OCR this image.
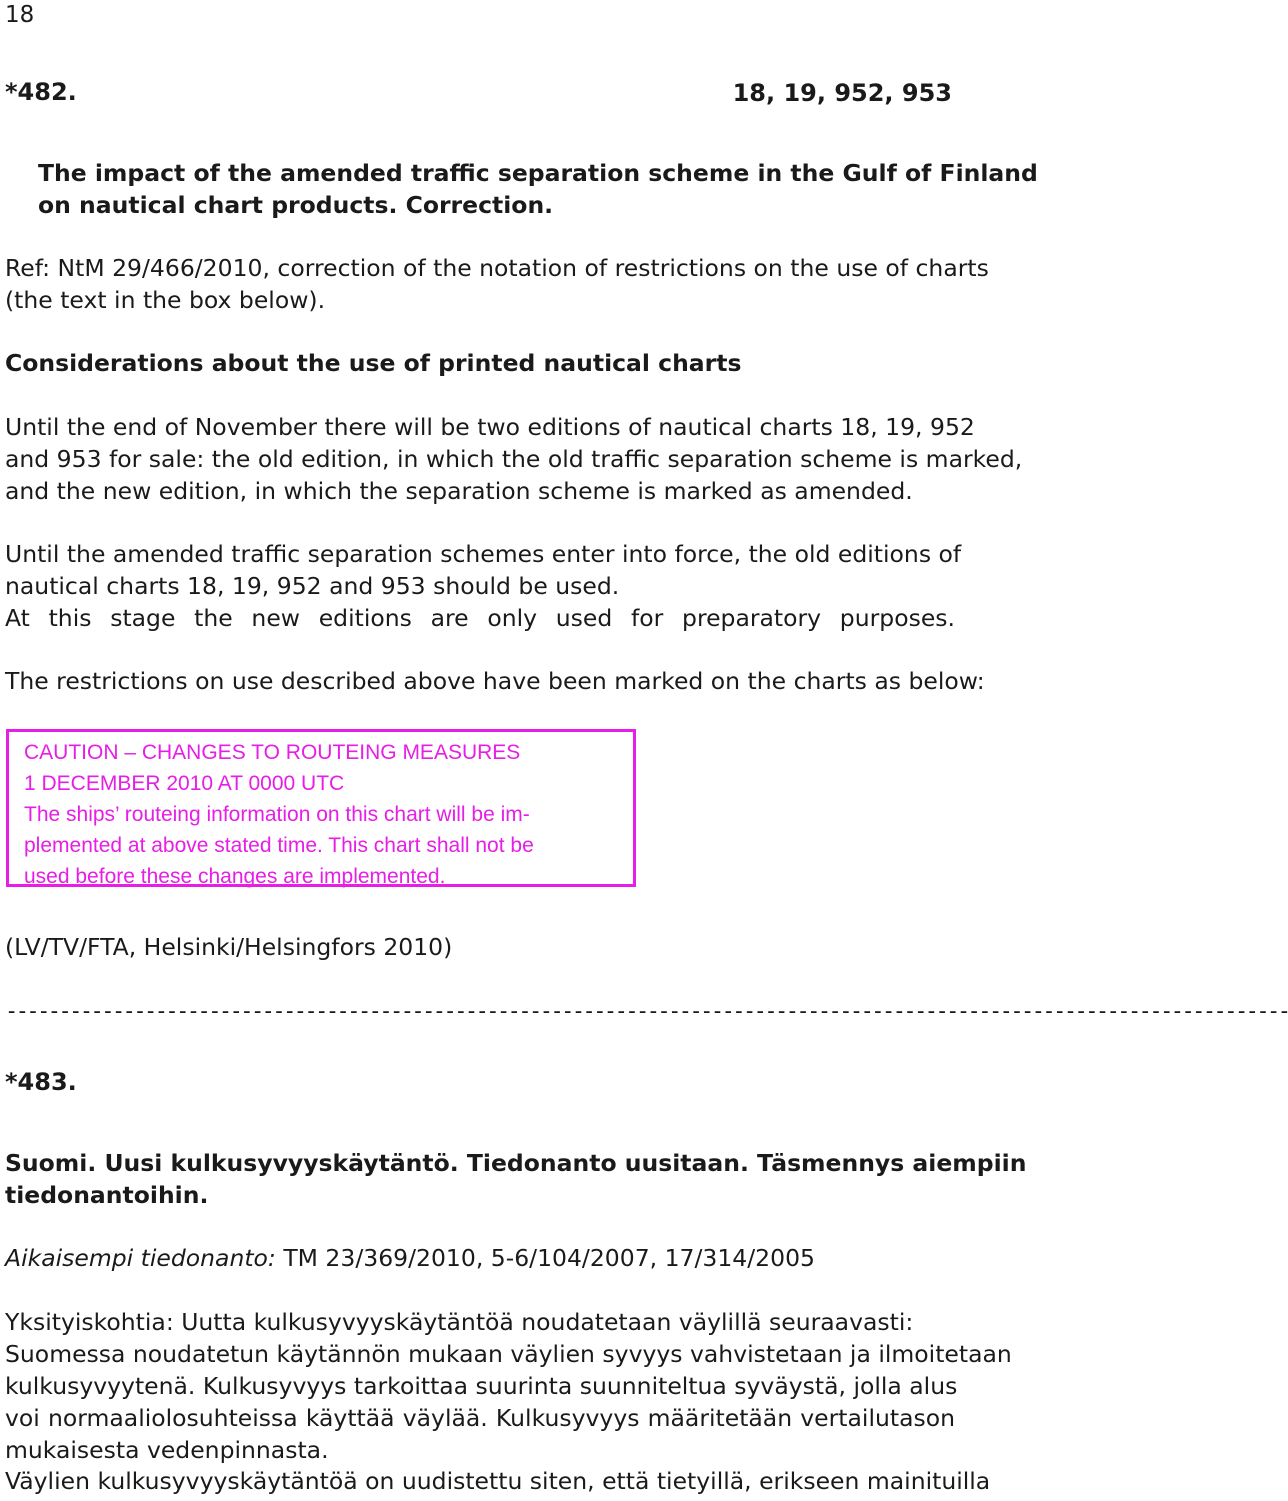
18
*482.	18, 19, 952, 953

The impact of the amended traffic separation scheme in the Gulf of Finland

on nautical chart products. Correction.

Ref: NtM 29/466/2010, correction of the notation of restrictions on the use of charts

(the text in the box below).

Considerations about the use of printed nautical charts

Until the end of November there will be two editions of nautical charts 18, 19, 952

and 953 for sale: the old edition, in which the old traffic separation scheme is marked,

and the new edition, in which the separation scheme is marked as amended.

Until the amended traffic separation schemes enter into force, the old editions of

nautical charts 18, 19, 952 and 953 should be used.

At this stage the new editions are only used for preparatory purposes.

The restrictions on use described above have been marked on the charts as below:

CAUTION – CHANGES TO ROUTEING MEASURES
1 DECEMBER 2010 AT 0000 UTC
The ships’ routeing information on this chart will be im-
plemented at above stated time. This chart shall not be
used before these changes are implemented.

(LV/TV/FTA, Helsinki/Helsingfors 2010)

------------------------------------------------------------------------------------------------------------------------
*483.

Suomi. Uusi kulkusyvyyskäytäntö. Tiedonanto uusitaan. Täsmennys aiempiin

tiedonantoihin.

Aikaisempi tiedonanto: TM 23/369/2010, 5-6/104/2007, 17/314/2005

Yksityiskohtia: Uutta kulkusyvyyskäytäntöä noudatetaan väylillä seuraavasti:

Suomessa noudatetun käytännön mukaan väylien syvyys vahvistetaan ja ilmoitetaan

kulkusyvyytenä. Kulkusyvyys tarkoittaa suurinta suunniteltua syväystä, jolla alus

voi normaaliolosuhteissa käyttää väylää. Kulkusyvyys määritetään vertailutason

mukaisesta vedenpinnasta.

Väylien kulkusyvyyskäytäntöä on uudistettu siten, että tietyillä, erikseen mainituilla
